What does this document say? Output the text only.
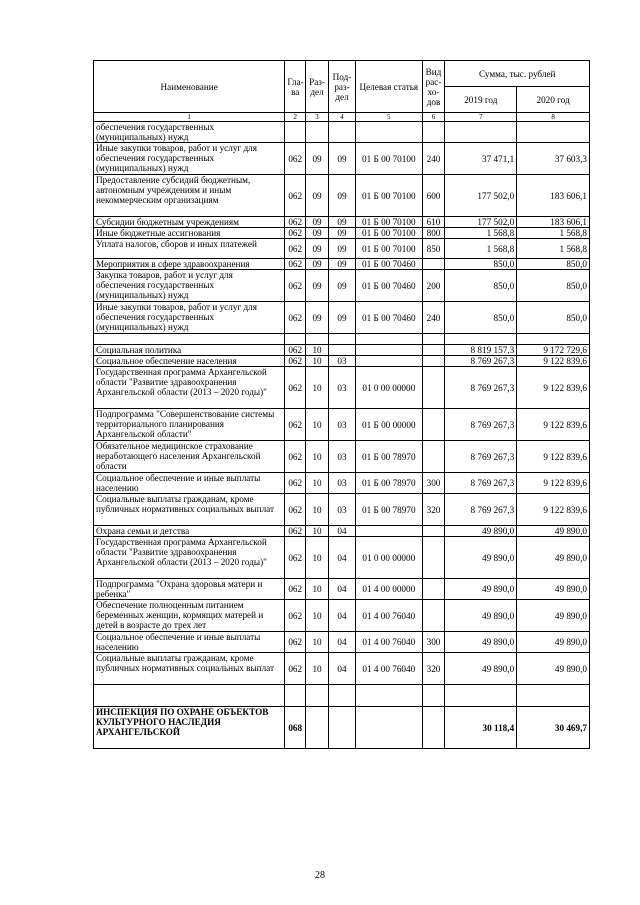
Наименование	Гла-ва	Раз-дел	Под-раз-дел	Целевая статья	Вид рас-хо-дов	Сумма, тыс. рублей	
						2019 год	2020 год
1	2	3	4	5	6	7	8
обеспечения государственных (муниципальных) нужд							
Иные закупки товаров, работ и услуг для обеспечения государственных (муниципальных) нужд	062	09	09	01 Б 00 70100	240	37 471,1	37 603,3
Предоставление субсидий бюджетным, автономным учреждениям и иным некоммерческим организациям	062	09	09	01 Б 00 70100	600	177 502,0	183 606,1
Субсидии бюджетным учреждениям	062	09	09	01 Б 00 70100	610	177 502,0	183 606,1
Иные бюджетные ассигнования	062	09	09	01 Б 00 70100	800	1 568,8	1 568,8
Уплата налогов, сборов и иных платежей	062	09	09	01 Б 00 70100	850	1 568,8	1 568,8
Мероприятия в сфере здравоохранения	062	09	09	01 Б 00 70460		850,0	850,0
Закупка товаров, работ и услуг для обеспечения государственных (муниципальных) нужд	062	09	09	01 Б 00 70460	200	850,0	850,0
Иные закупки товаров, работ и услуг для обеспечения государственных (муниципальных) нужд	062	09	09	01 Б 00 70460	240	850,0	850,0

Социальная политика	062	10				8 819 157,3	9 172 729,6
Социальное обеспечение населения	062	10	03			8 769 267,3	9 122 839,6
Государственная программа Архангельской области "Развитие здравоохранения Архангельской области (2013 – 2020 годы)"	062	10	03	01 0 00 00000		8 769 267,3	9 122 839,6
Подпрограмма "Совершенствование системы территориального планирования Архангельской области"	062	10	03	01 Б 00 00000		8 769 267,3	9 122 839,6
Обязательное медицинское страхование неработающего населения Архангельской области	062	10	03	01 Б 00 78970		8 769 267,3	9 122 839,6
Социальное обеспечение и иные выплаты населению	062	10	03	01 Б 00 78970	300	8 769 267,3	9 122 839,6
Социальные выплаты гражданам, кроме публичных нормативных социальных выплат	062	10	03	01 Б 00 78970	320	8 769 267,3	9 122 839,6
Охрана семьи и детства	062	10	04			49 890,0	49 890,0
Государственная программа Архангельской области "Развитие здравоохранения Архангельской области (2013 – 2020 годы)"	062	10	04	01 0 00 00000		49 890,0	49 890,0
Подпрограмма "Охрана здоровья матери и ребенка"	062	10	04	01 4 00 00000		49 890,0	49 890,0
Обеспечение полноценным питанием беременных женщин, кормящих матерей и детей в возрасте до трех лет	062	10	04	01 4 00 76040		49 890,0	49 890,0
Социальное обеспечение и иные выплаты населению	062	10	04	01 4 00 76040	300	49 890,0	49 890,0
Социальные выплаты гражданам, кроме публичных нормативных социальных выплат	062	10	04	01 4 00 76040	320	49 890,0	49 890,0

ИНСПЕКЦИЯ ПО ОХРАНЕ ОБЪЕКТОВ КУЛЬТУРНОГО НАСЛЕДИЯ АРХАНГЕЛЬСКОЙ	068					30 118,4	30 469,7
28
